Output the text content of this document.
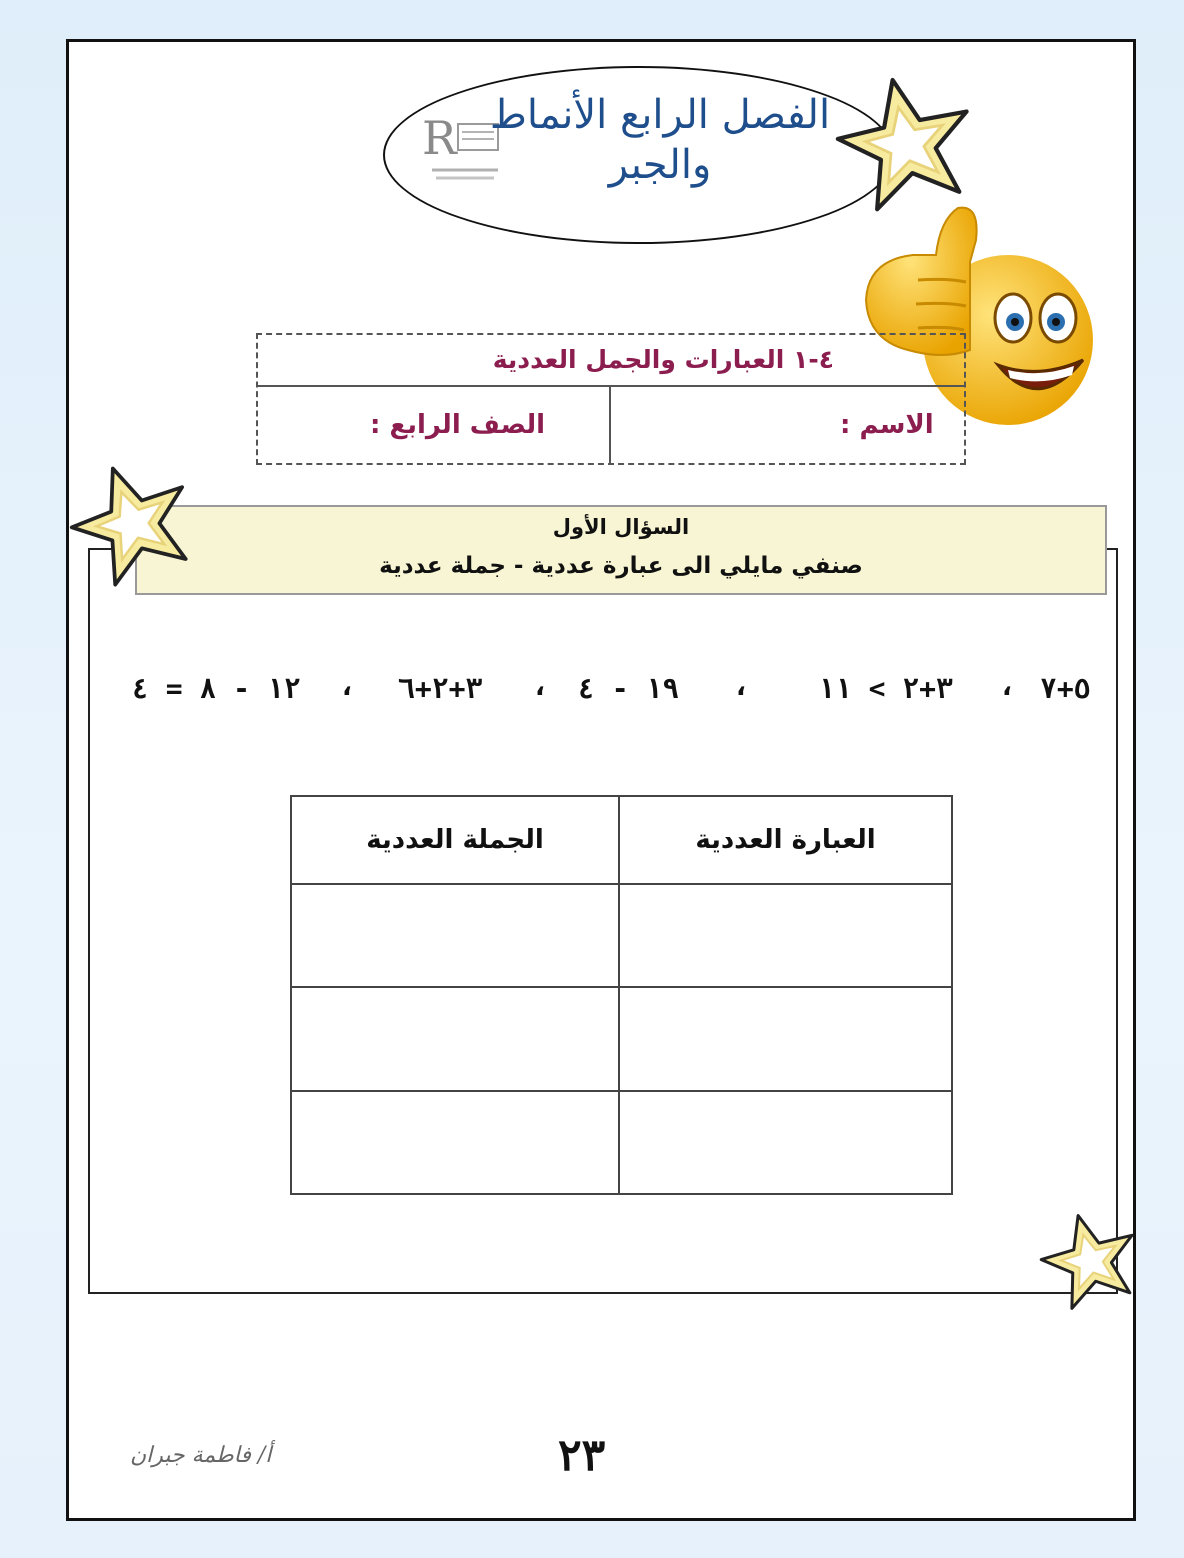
R الفصل الرابع الأنماط
والجبر
٤-١ العبارات والجمل العددية
الاسم :
الصف الرابع :
السؤال الأول
صنفي مايلي الى عبارة عددية - جملة عددية
٥+٧
،
٣+٢ > ١١
،
١٩ - ٤
،
٣+٢+٦
،
١٢ - ٨ = ٤
العبارة العددية	الجملة العددية

٢٣
أ/ فاطمة جبران
